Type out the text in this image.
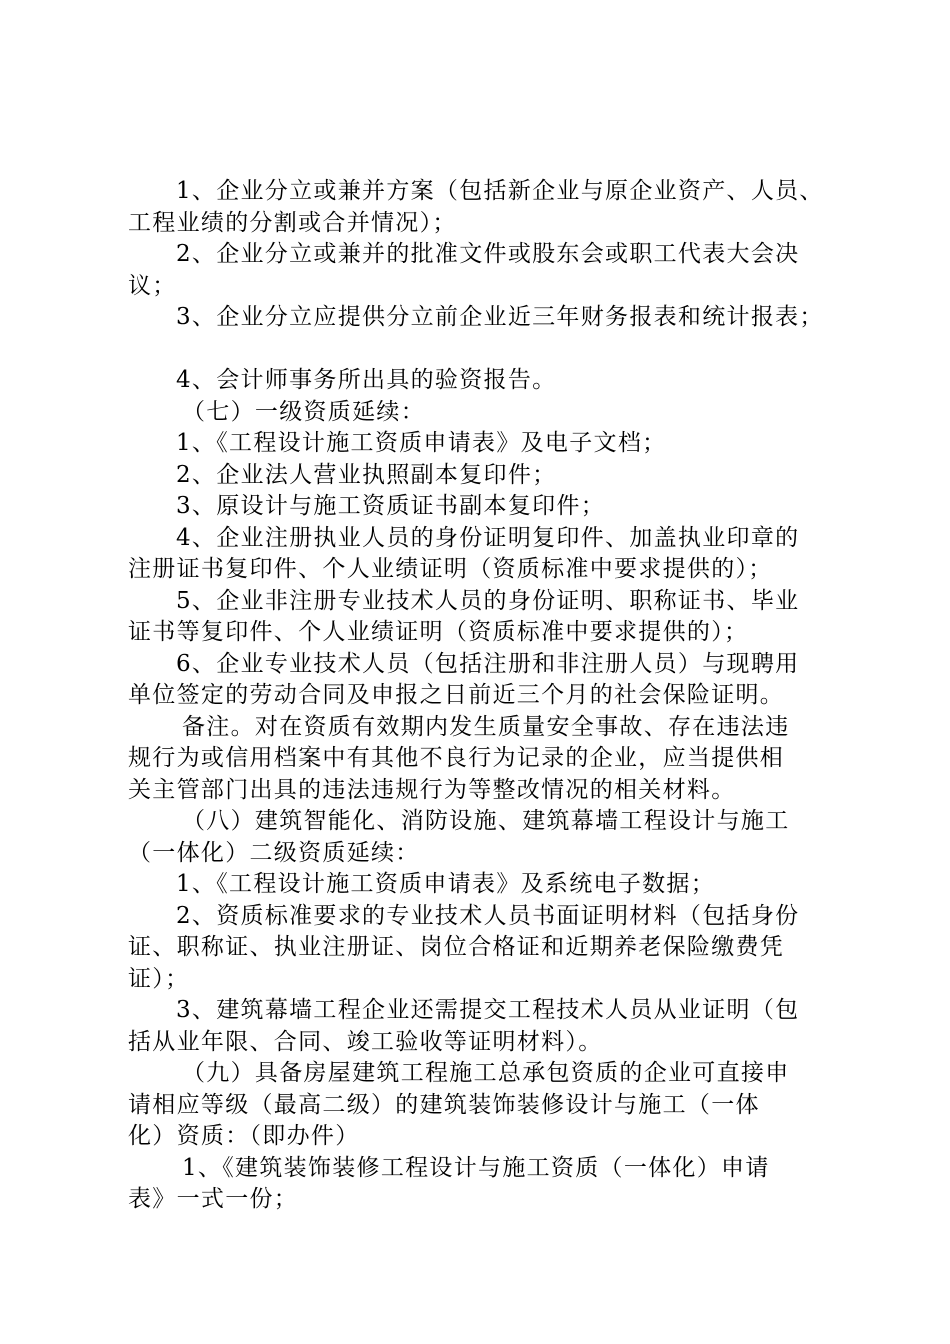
1、企业分立或兼并方案（包括新企业与原企业资产、人员、
工程业绩的分割或合并情况）；
2、企业分立或兼并的批准文件或股东会或职工代表大会决
议；
3、企业分立应提供分立前企业近三年财务报表和统计报表；
4、会计师事务所出具的验资报告。
（七）一级资质延续：
1、《工程设计施工资质申请表》及电子文档；
2、企业法人营业执照副本复印件；
3、原设计与施工资质证书副本复印件；
4、企业注册执业人员的身份证明复印件、加盖执业印章的
注册证书复印件、个人业绩证明（资质标准中要求提供的）；
5、企业非注册专业技术人员的身份证明、职称证书、毕业
证书等复印件、个人业绩证明（资质标准中要求提供的）；
6、企业专业技术人员（包括注册和非注册人员）与现聘用
单位签定的劳动合同及申报之日前近三个月的社会保险证明。
备注。对在资质有效期内发生质量安全事故、存在违法违
规行为或信用档案中有其他不良行为记录的企业，应当提供相
关主管部门出具的违法违规行为等整改情况的相关材料。
（八）建筑智能化、消防设施、建筑幕墙工程设计与施工
（一体化）二级资质延续：
1、《工程设计施工资质申请表》及系统电子数据；
2、资质标准要求的专业技术人员书面证明材料（包括身份
证、职称证、执业注册证、岗位合格证和近期养老保险缴费凭
证）；
3、建筑幕墙工程企业还需提交工程技术人员从业证明（包
括从业年限、合同、竣工验收等证明材料）。
（九）具备房屋建筑工程施工总承包资质的企业可直接申
请相应等级（最高二级）的建筑装饰装修设计与施工（一体
化）资质：（即办件）
1、《建筑装饰装修工程设计与施工资质（一体化）申请
表》一式一份；
